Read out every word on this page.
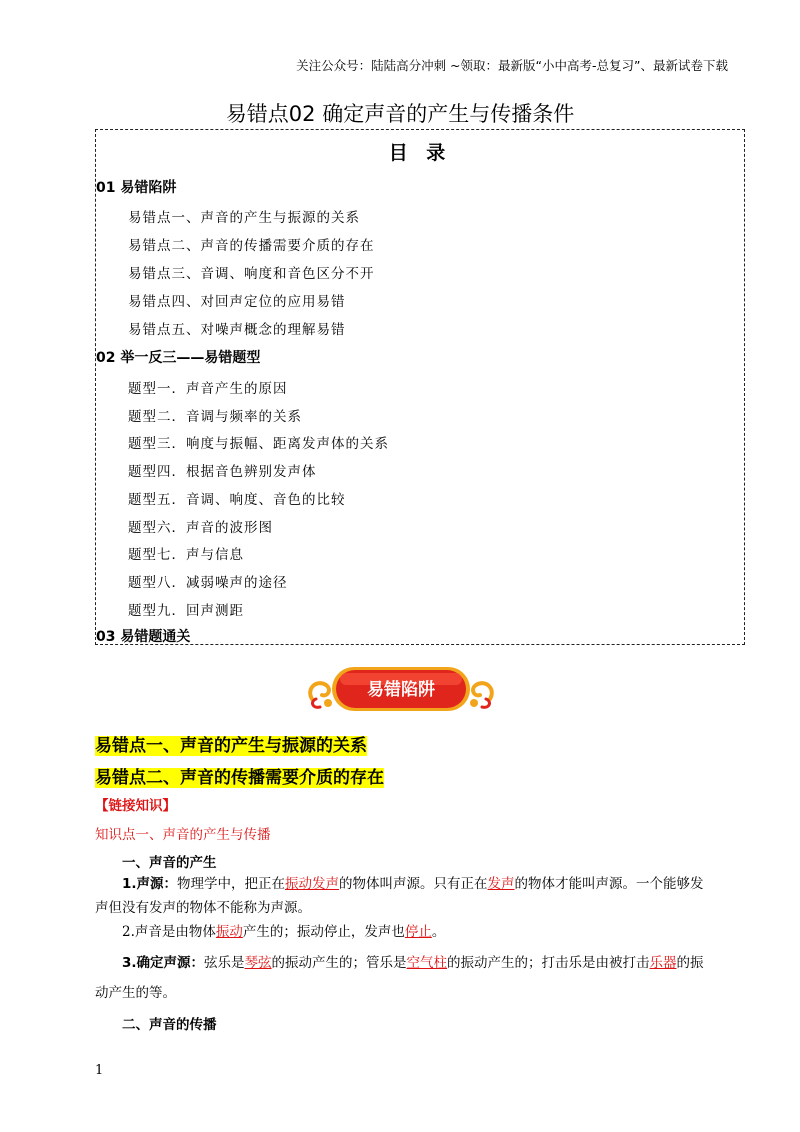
关注公众号：陆陆高分冲刺 ~领取：最新版“小中高考-总复习”、最新试卷下载
易错点02 确定声音的产生与传播条件
目 录
01 易错陷阱
易错点一、声音的产生与振源的关系
易错点二、声音的传播需要介质的存在
易错点三、音调、响度和音色区分不开
易错点四、对回声定位的应用易错
易错点五、对噪声概念的理解易错
02 举一反三——易错题型
题型一．声音产生的原因
题型二．音调与频率的关系
题型三．响度与振幅、距离发声体的关系
题型四．根据音色辨别发声体
题型五．音调、响度、音色的比较
题型六．声音的波形图
题型七．声与信息
题型八．减弱噪声的途径
题型九．回声测距
03 易错题通关
易错陷阱
易错点一、声音的产生与振源的关系
易错点二、声音的传播需要介质的存在
【链接知识】
知识点一、声音的产生与传播
一、声音的产生
1.声源：物理学中，把正在振动发声的物体叫声源。只有正在发声的物体才能叫声源。一个能够发声但没有发声的物体不能称为声源。
2.声音是由物体振动产生的；振动停止，发声也停止。
3.确定声源：弦乐是琴弦的振动产生的；管乐是空气柱的振动产生的；打击乐是由被打击乐器的振动产生的等。
二、声音的传播
1
